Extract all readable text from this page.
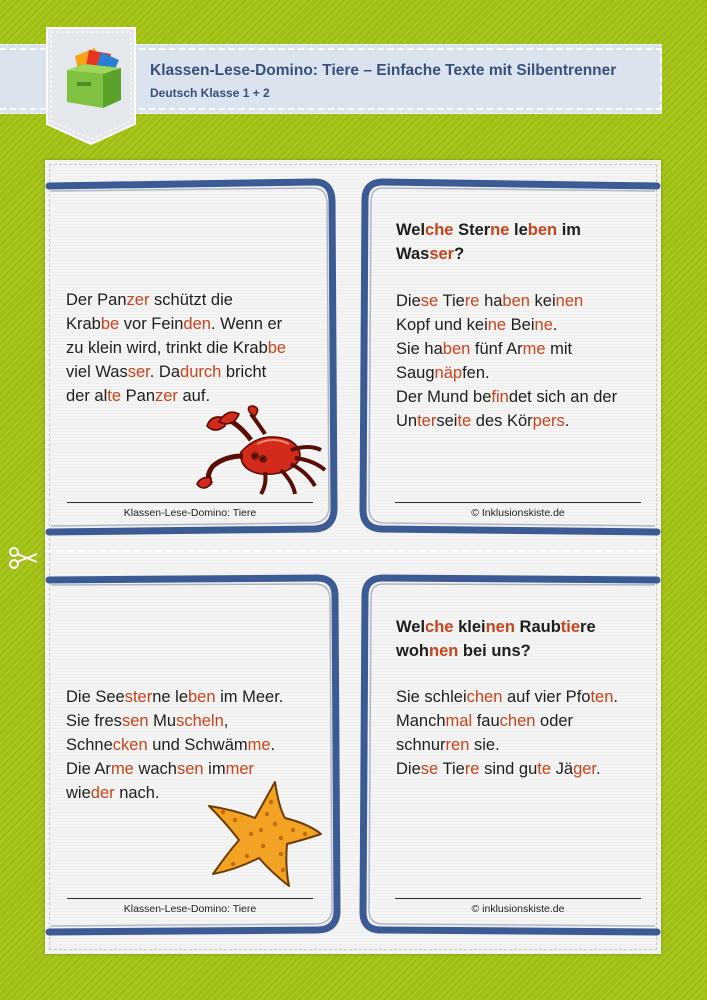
Klassen-Lese-Domino: Tiere – Einfache Texte mit Silbentrenner
Deutsch Klasse 1 + 2
Der Panzer schützt die
Krabbe vor Feinden. Wenn er
zu klein wird, trinkt die Krabbe
viel Wasser. Dadurch bricht
der alte Panzer auf.
Klassen-Lese-Domino: Tiere
Welche Sterne leben im
Wasser?
Diese Tiere haben keinen
Kopf und keine Beine.
Sie haben fünf Arme mit
Saugnäpfen.
Der Mund befindet sich an der
Unterseite des Körpers.
© Inklusionskiste.de
Die Seesterne leben im Meer.
Sie fressen Muscheln,
Schnecken und Schwämme.
Die Arme wachsen immer
wieder nach.
Klassen-Lese-Domino: Tiere
Welche kleinen Raubtiere
wohnen bei uns?
Sie schleichen auf vier Pfoten.
Manchmal fauchen oder
schnurren sie.
Diese Tiere sind gute Jäger.
© inklusionskiste.de
